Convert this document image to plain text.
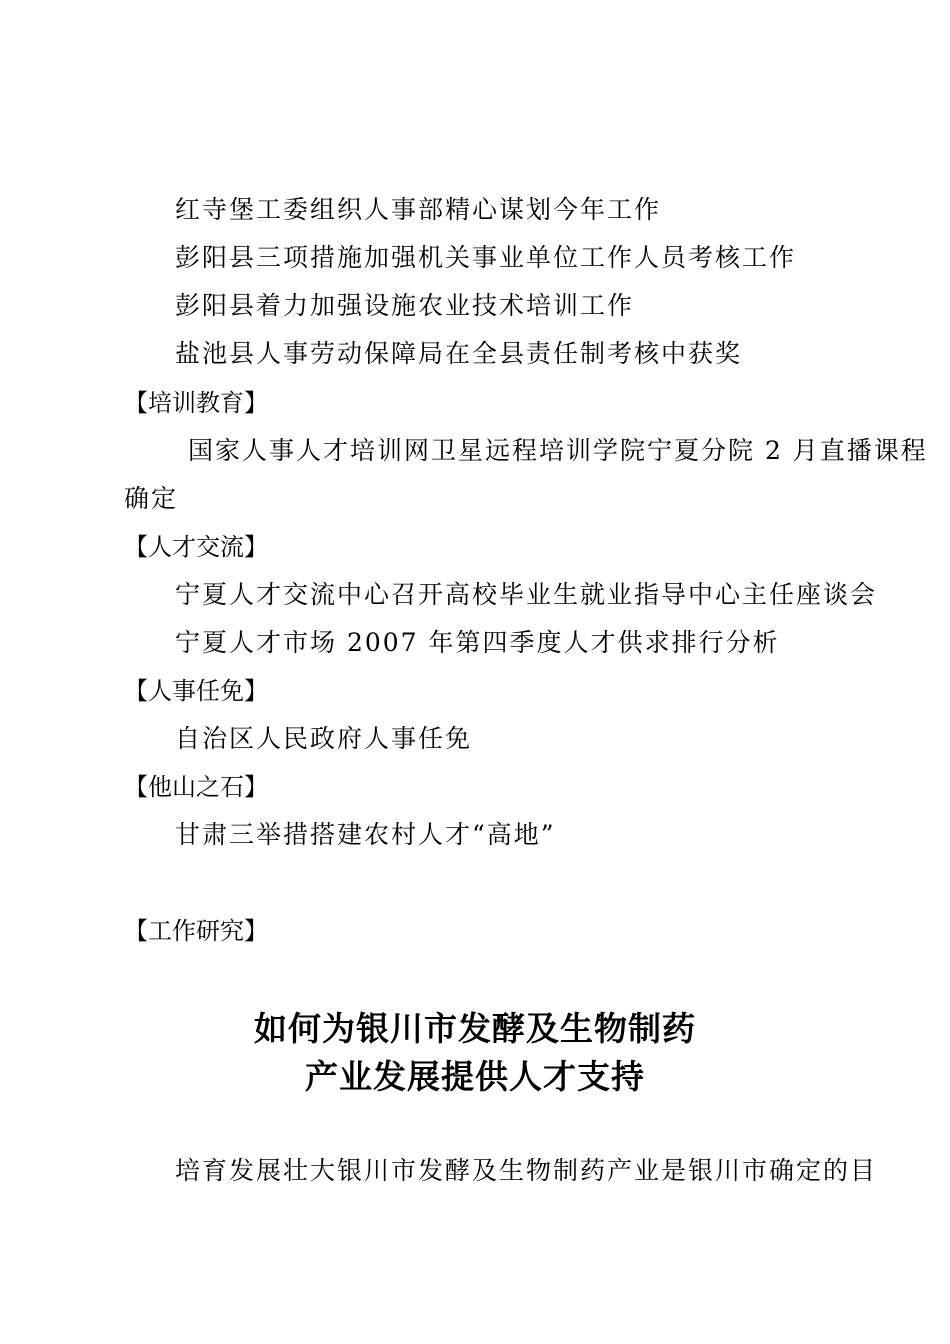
红寺堡工委组织人事部精心谋划今年工作
彭阳县三项措施加强机关事业单位工作人员考核工作
彭阳县着力加强设施农业技术培训工作
盐池县人事劳动保障局在全县责任制考核中获奖
【培训教育】
国家人事人才培训网卫星远程培训学院宁夏分院 2 月直播课程
确定
【人才交流】
宁夏人才交流中心召开高校毕业生就业指导中心主任座谈会
宁夏人才市场 2007 年第四季度人才供求排行分析
【人事任免】
自治区人民政府人事任免
【他山之石】
甘肃三举措搭建农村人才“高地”
【工作研究】
如何为银川市发酵及生物制药
产业发展提供人才支持
培育发展壮大银川市发酵及生物制药产业是银川市确定的目
